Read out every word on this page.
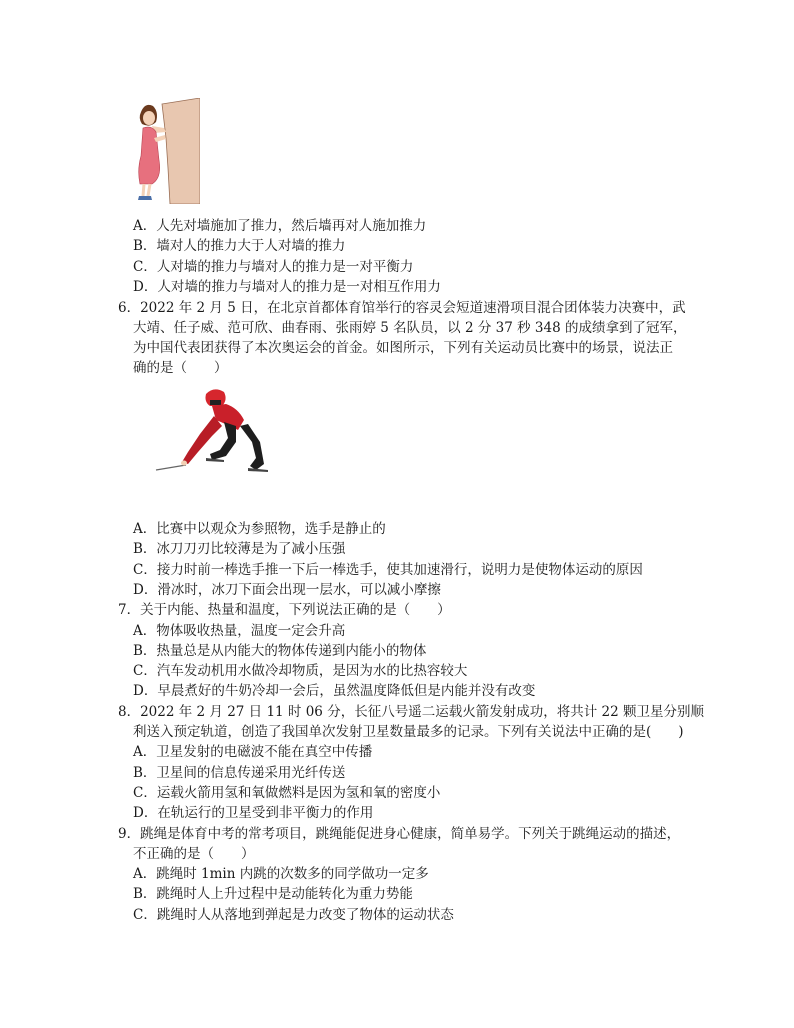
A．人先对墙施加了推力，然后墙再对人施加推力
B．墙对人的推力大于人对墙的推力
C．人对墙的推力与墙对人的推力是一对平衡力
D．人对墙的推力与墙对人的推力是一对相互作用力
6．2022 年 2 月 5 日，在北京首都体育馆举行的容灵会短道速滑项目混合团体装力决赛中，武
大靖、任子威、范可欣、曲春雨、张雨婷 5 名队员，以 2 分 37 秒 348 的成绩拿到了冠军，
为中国代表团获得了本次奥运会的首金。如图所示，下列有关运动员比赛中的场景，说法正
确的是（　　）
A．比赛中以观众为参照物，选手是静止的
B．冰刀刀刃比较薄是为了减小压强
C．接力时前一棒选手推一下后一棒选手，使其加速滑行，说明力是使物体运动的原因
D．滑冰时，冰刀下面会出现一层水，可以减小摩擦
7．关于内能、热量和温度，下列说法正确的是（　　）
A．物体吸收热量，温度一定会升高
B．热量总是从内能大的物体传递到内能小的物体
C．汽车发动机用水做冷却物质，是因为水的比热容较大
D．早晨煮好的牛奶冷却一会后，虽然温度降低但是内能并没有改变
8．2022 年 2 月 27 日 11 时 06 分，长征八号遥二运载火箭发射成功，将共计 22 颗卫星分别顺
利送入预定轨道，创造了我国单次发射卫星数量最多的记录。下列有关说法中正确的是(　　)
A．卫星发射的电磁波不能在真空中传播
B．卫星间的信息传递采用光纤传送
C．运载火箭用氢和氧做燃料是因为氢和氧的密度小
D．在轨运行的卫星受到非平衡力的作用
9．跳绳是体育中考的常考项目，跳绳能促进身心健康，简单易学。下列关于跳绳运动的描述，
不正确的是（　　）
A．跳绳时 1min 内跳的次数多的同学做功一定多
B．跳绳时人上升过程中是动能转化为重力势能
C．跳绳时人从落地到弹起是力改变了物体的运动状态
